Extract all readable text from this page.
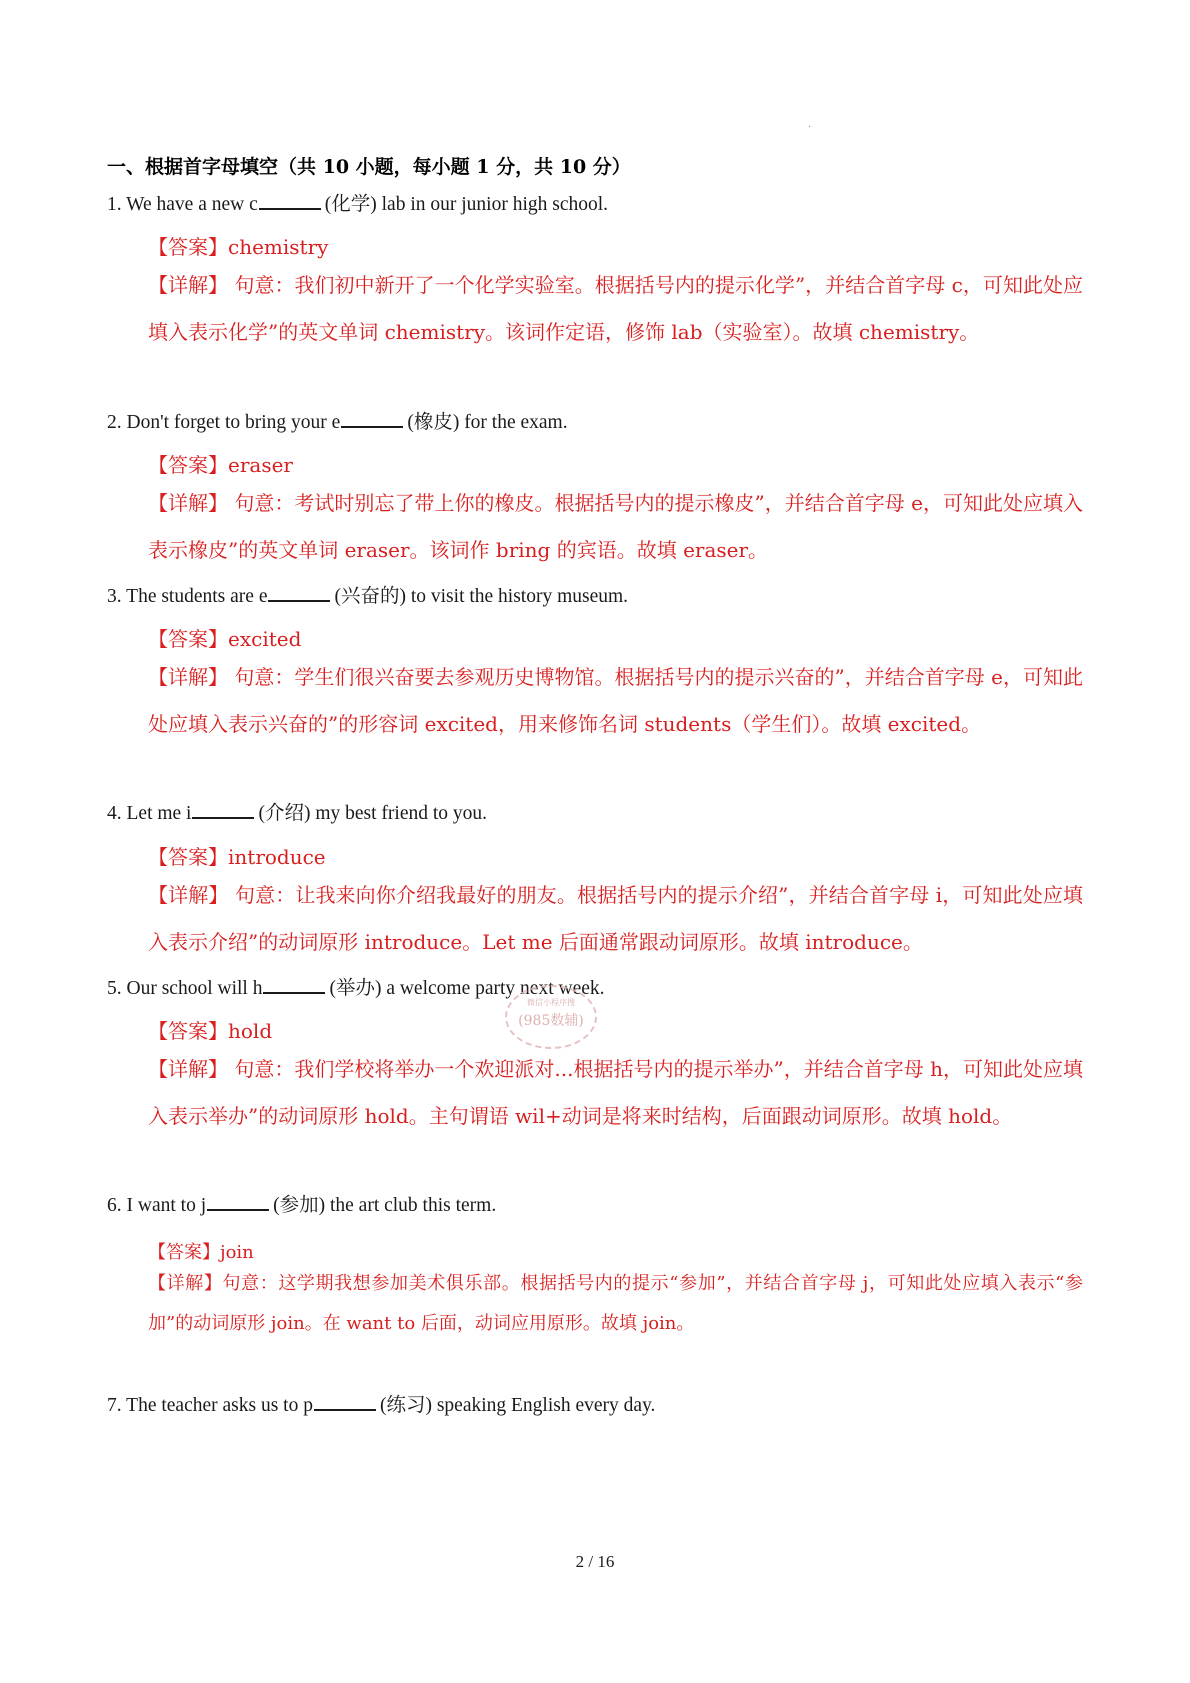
·
一、根据首字母填空（共 10 小题，每小题 1 分，共 10 分）
1. We have a new c	(化学) lab in our junior high school.
【答案】chemistry
【详解】 句意：我们初中新开了一个化学实验室。根据括号内的提示化学”，并结合首字母 c，可知此处应填入表示化学”的英文单词 chemistry。该词作定语，修饰 lab（实验室）。故填 chemistry。
2. Don't forget to bring your e	(橡皮) for the exam.
【答案】eraser
【详解】 句意：考试时别忘了带上你的橡皮。根据括号内的提示橡皮”，并结合首字母 e，可知此处应填入表示橡皮”的英文单词 eraser。该词作 bring 的宾语。故填 eraser。
3. The students are e	(兴奋的) to visit the history museum.
【答案】excited
【详解】 句意：学生们很兴奋要去参观历史博物馆。根据括号内的提示兴奋的”，并结合首字母 e，可知此处应填入表示兴奋的”的形容词 excited，用来修饰名词 students（学生们）。故填 excited。
4. Let me i	(介绍) my best friend to you.
【答案】introduce
【详解】 句意：让我来向你介绍我最好的朋友。根据括号内的提示介绍”，并结合首字母 i，可知此处应填入表示介绍”的动词原形 introduce。Let me 后面通常跟动词原形。故填 introduce。
5. Our school will h	(举办) a welcome party next week.
【答案】hold
【详解】 句意：我们学校将举办一个欢迎派对...根据括号内的提示举办”，并结合首字母 h，可知此处应填入表示举办”的动词原形 hold。主句谓语 wil+动词是将来时结构，后面跟动词原形。故填 hold。
6. I want to j	(参加) the art club this term.
【答案】join
【详解】句意：这学期我想参加美术俱乐部。根据括号内的提示“参加”，并结合首字母 j，可知此处应填入表示“参加”的动词原形 join。在 want to 后面，动词应用原形。故填 join。
7. The teacher asks us to p	(练习) speaking English every day.
微信小程序搜
(985数辅)
2 / 16
